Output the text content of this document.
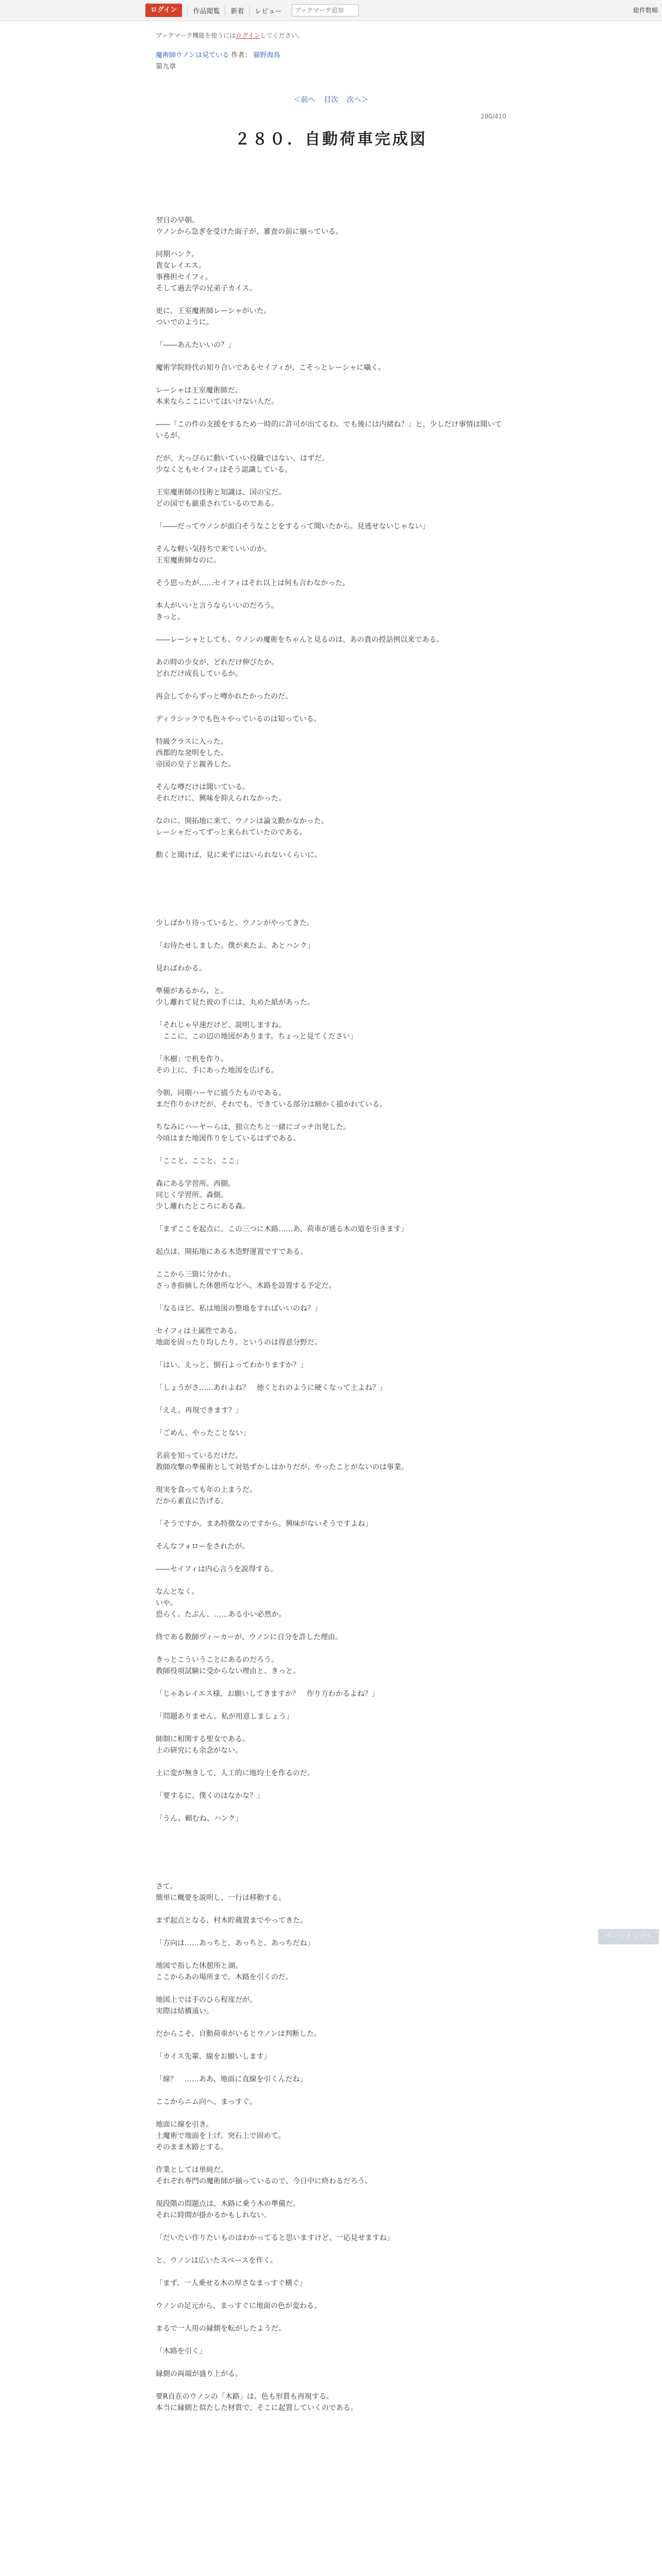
ログイン	作品閲覧	新着	レビュー
ブックマーク追加	総件数順
ブックマーク機能を使うにはログインしてください。
魔術師ウノンは見ている 作者： 猫野海鳥
第九章
＜前へ 目次 次へ＞
280/410
２８０．自動荷車完成図

翌日の早朝。

ウノンから急ぎを受けた面子が、審査の前に揃っている。

同期ハンク。

貴女レイエス。

事務担セイフィ。

そして過去学の兄弟子カイス。

更に、王室魔術師レーシャがいた。

ついでのように。

「――あんたいいの？」

魔術学院時代の知り合いであるセイフィが、こそっとレーシャに囁く。

レーシャは王室魔術師だ。

本来ならここにいてはいけない人だ。

――「この件の支援をするため一時的に許可が出てるわ。でも後には内緒ね？」と、少しだけ事情は聞いているが。

だが、大っぴらに動いていい役職ではない、はずだ。

少なくともセイフィはそう認識している。

王室魔術師の技術と知識は、国の宝だ。

どの国でも厳重されているのである。

「――だってウノンが面白そうなことをするって聞いたから。見逃せないじゃない」

そんな軽い気持ちで来ていいのか。

王室魔術師なのに。

そう思ったが……セイフィはそれ以上は何も言わなかった。

本人がいいと言うならいいのだろう。

きっと。

――レーシャとしても、ウノンの魔術をちゃんと見るのは、あの貴の授話例以来である。

あの時の少女が、どれだけ伸びたか。

どれだけ成長しているか。

再会してからずっと噂かれたかったのだ。

ディラシックでも色々やっているのは知っている。

特級クラスに入った。

西都的な発明をした。

帝国の皇子と親善した。

そんな噂だけは聞いている。

それだけに、興味を抑えられなかった。

なのに、開拓地に来て、ウノンは論文勤かなかった。

レーシャだってずっと来られていたのである。

動くと聞けば、見に来ずにはいられないくらいに。

少しばかり待っていると、ウノンがやってきた。

「お待たせしました。僕が来たよ。あとハンク」

見ればわかる。

準備があるから、と。

少し離れて見た彼の手には、丸めた紙があった。

「それじゃ早速だけど、説明しますね。

　ここに、この辺の地図があります。ちょっと見てください」

「氷樹」で机を作り。

その上に、手にあった地図を広げる。

今朝、同期ハーヤに描うたものである。

まだ作りかけだが、それでも、できている部分は細かく描かれている。

ちなみにハーヤーらは、独立たちと一緒にゴッチ出発した。

今頃はまた地図作りをしているはずである。

「ここと、ここと、ここ」

森にある学習所。西側。

同じく学習所。森側。

少し離れたところにある森。

「まずここを起点に、この三つに木路……あ、荷車が通る木の道を引きます」

起点は、開拓地にある木造野運置ですである。

ここから三箇に分かれ。

さっき指摘した休憩所などへ、木路を設置する予定だ。

「なるほど。私は地図の整地をすればいいのね？」

セイフィは土属性である。

地面を固ったり均したり、というのは得意分野だ。

「はい。えっと、倒石よってわかりますか？」

「しょうがさ……あれよね？　徳くとれのように硬くなって上よね？」

「ええ。再現できます？」

「ごめん、やったことない」

名前を知っているだけだ。

教師攻撃の準備術として対処ずかしはかりだが、やったことがないのは事業。

現実を食っても年の上まうだ。

だから素直に告げる。

「そうですか。まあ特徴なのですから。興味がないそうですよね」

そんなフォローをされたが。

――セイフィは内心言うを説得する。

なんとなく。

いや。

恐らく。たぶん、……ある小い必然か。

終である教師ヴィーカーが、ウノンに自分を許した理由。

きっとこういうことにあるのだろう。

教師役項試験に受からない理由と、きっと。

「じゃあレイエス様、お願いしてきますか？　作り方わかるよね？」

「問題ありません。私が用意しましょう」

師制に相関する聖女である。

土の研究にも余念がない。

土に変が無きして、人工的に地均土を作るのだ。

「要するに、僕くのはなかな？」

「うん。頼むね、ハンク」

さて。

簡単に概要を説明し、一行は移動する。

まず起点となる、村木貯蔵置までやってきた。

「方向は……あっちと、あっちと、あっちだね」

地図で指した休憩所と湖。

ここからあの場所まで、木路を引くのだ。

地図上では手のひら程度だが。

実際は結構遠い。

だからこそ、自動荷車がいるとウノンは判断した。

「カイス先輩、線をお願いします」

「線？　……ああ、地面に直線を引くんだね」

ここからニム向へ、まっすぐ。

地面に線を引き。

土魔術で地面を上げ、突石上で固めて。

そのまま木路とする。

作業としては単純だ。

それぞれ専門の魔術師が揃っているので、今日中に終わるだろう。

現段階の問題点は、木路に乗う木の準備だ。

それに時間が掛かるかもしれない。

「だいたい作りたいものはわかってると思いますけど、一応見せますね」

と、ウノンは広いたスペースを作く。

「まず、一人乗せる木の厚さなまっすぐ横ぐ」

ウノンの足元から、まっすぐに地面の色が変わる。

まるで一人用の縁側を転がしたようだ。

「木路を引く」

縁側の両端が盛り上がる。

要R自在のウノンの「木路」は、色も形質も再現する。

本当に縁側と似たした材質で、そこに起置していくのである。

ページトップへ
